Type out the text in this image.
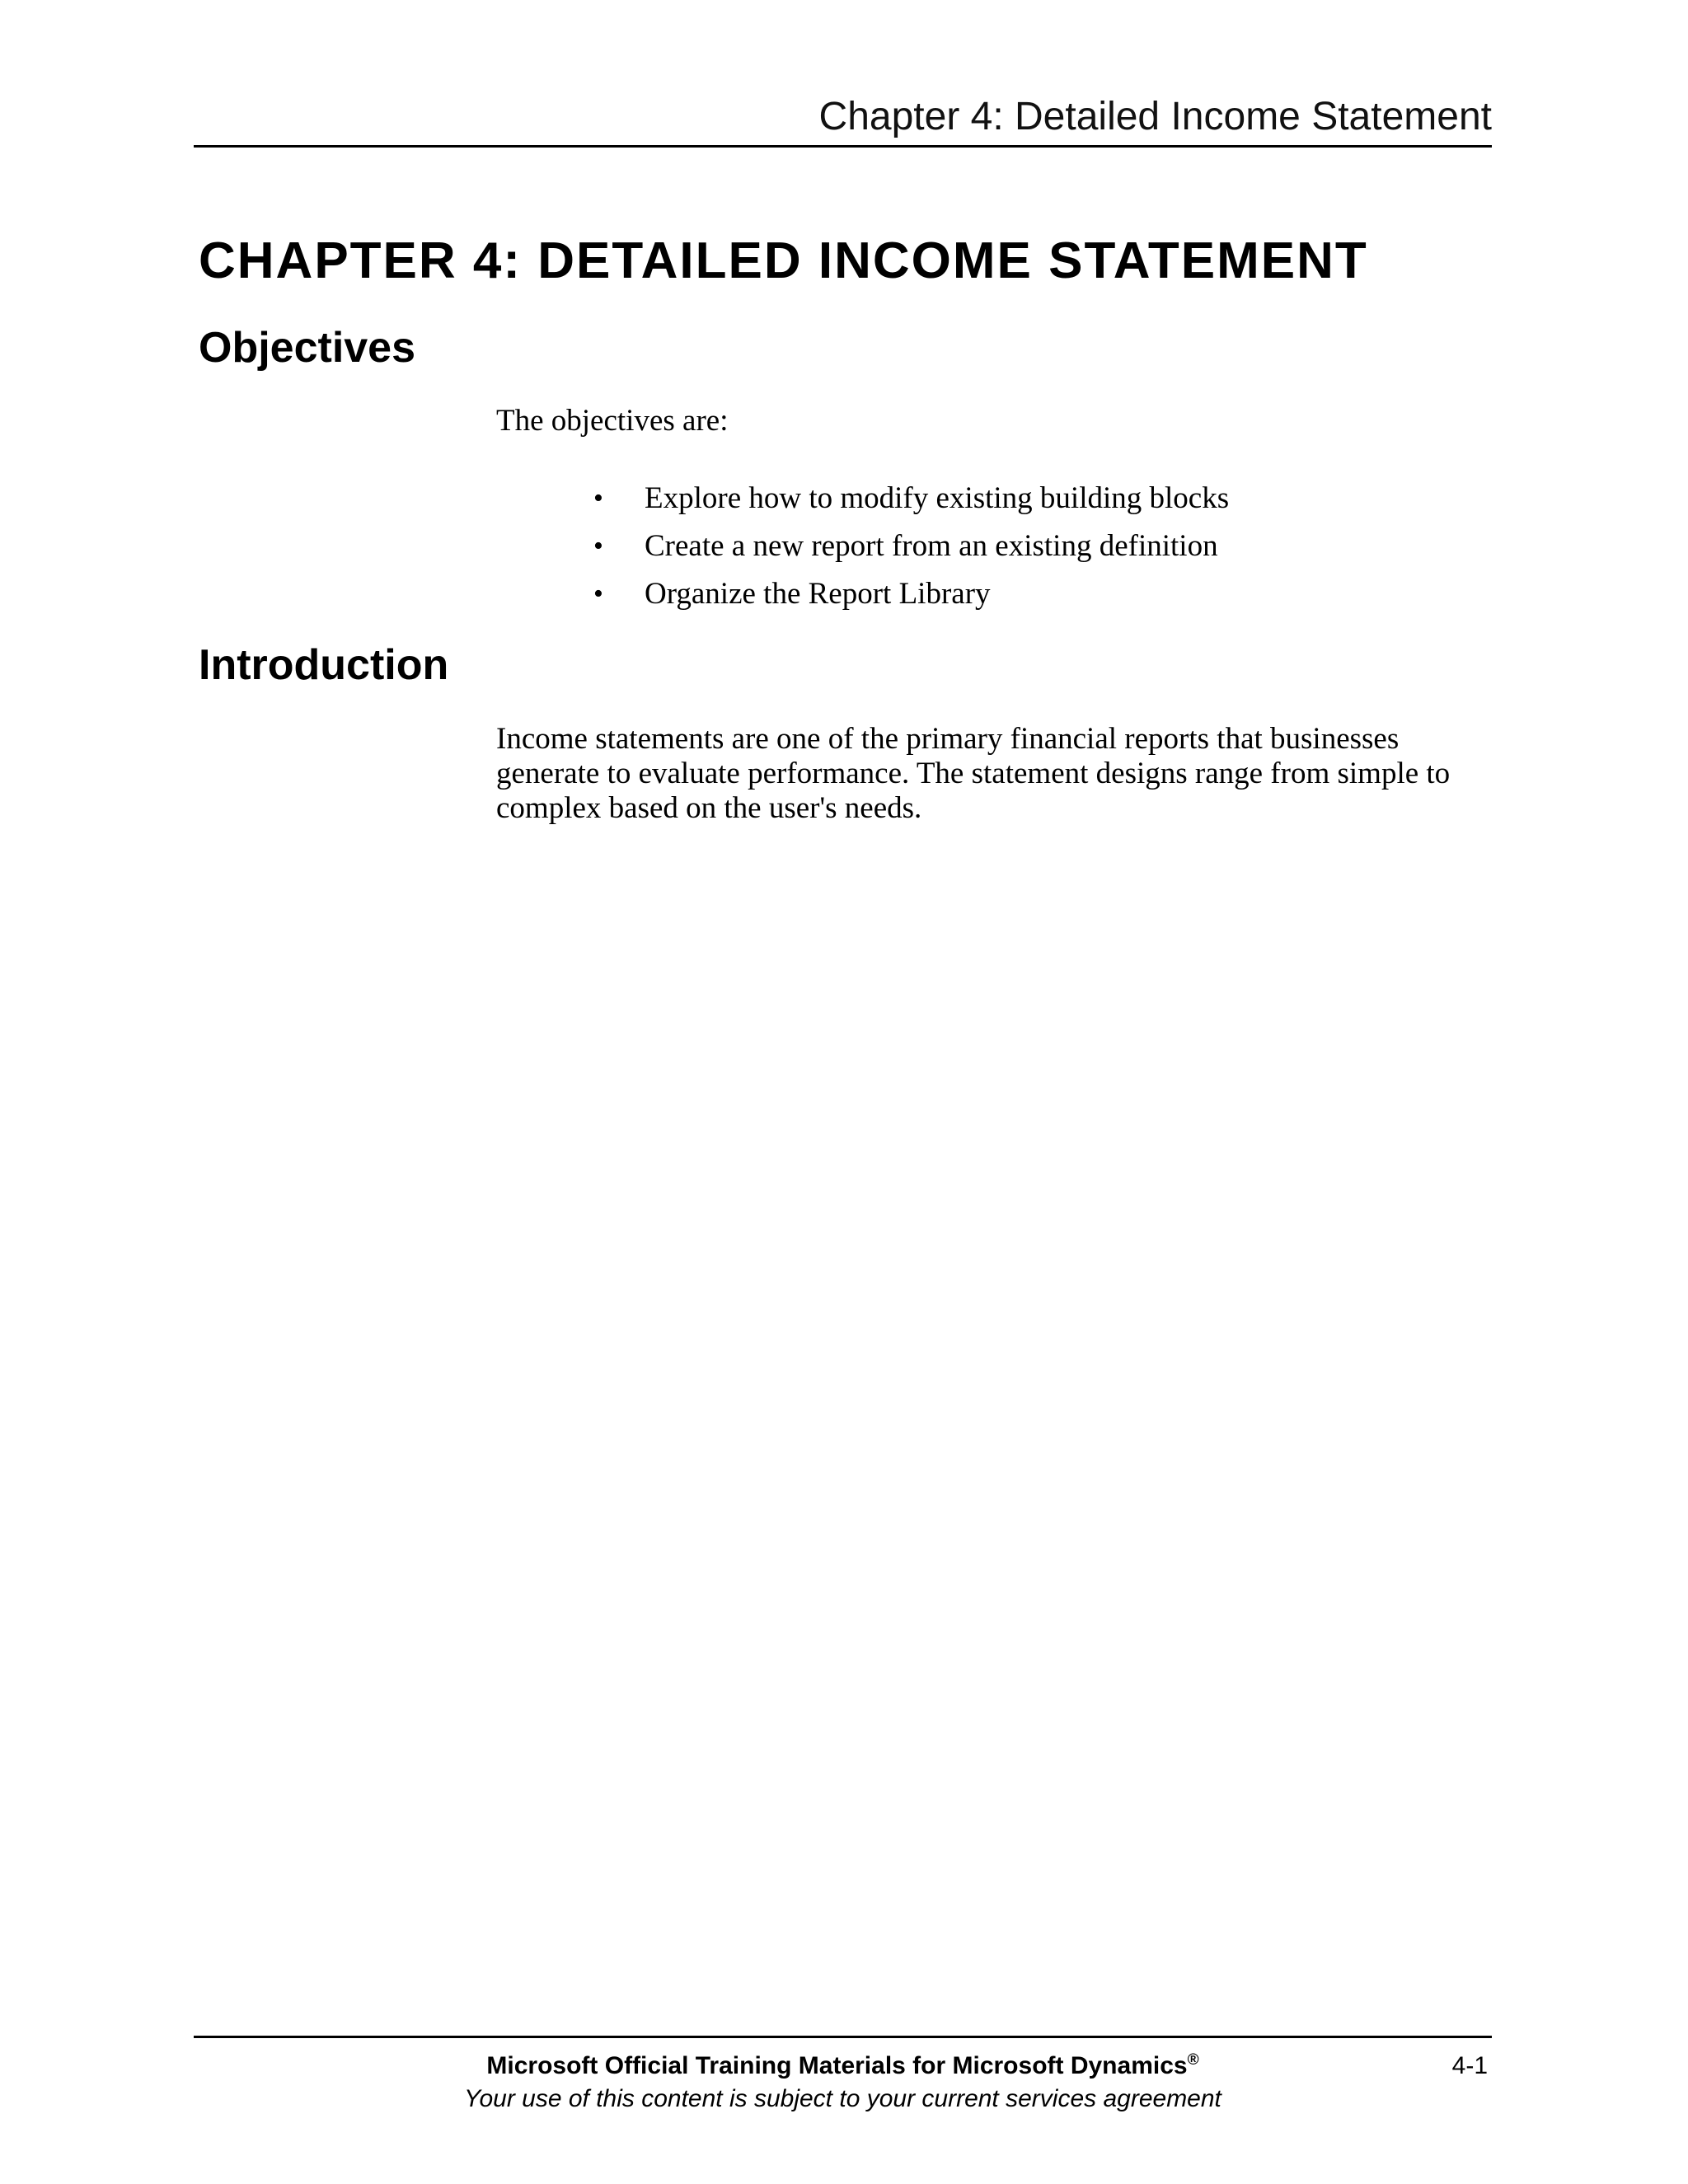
Chapter 4: Detailed Income Statement
CHAPTER 4: DETAILED INCOME STATEMENT
Objectives

The objectives are:

• Explore how to modify existing building blocks
• Create a new report from an existing definition
• Organize the Report Library
Introduction

Income statements are one of the primary financial reports that businesses generate to evaluate performance. The statement designs range from simple to complex based on the user's needs.

Microsoft Official Training Materials for Microsoft Dynamics®
Your use of this content is subject to your current services agreement
4-1
